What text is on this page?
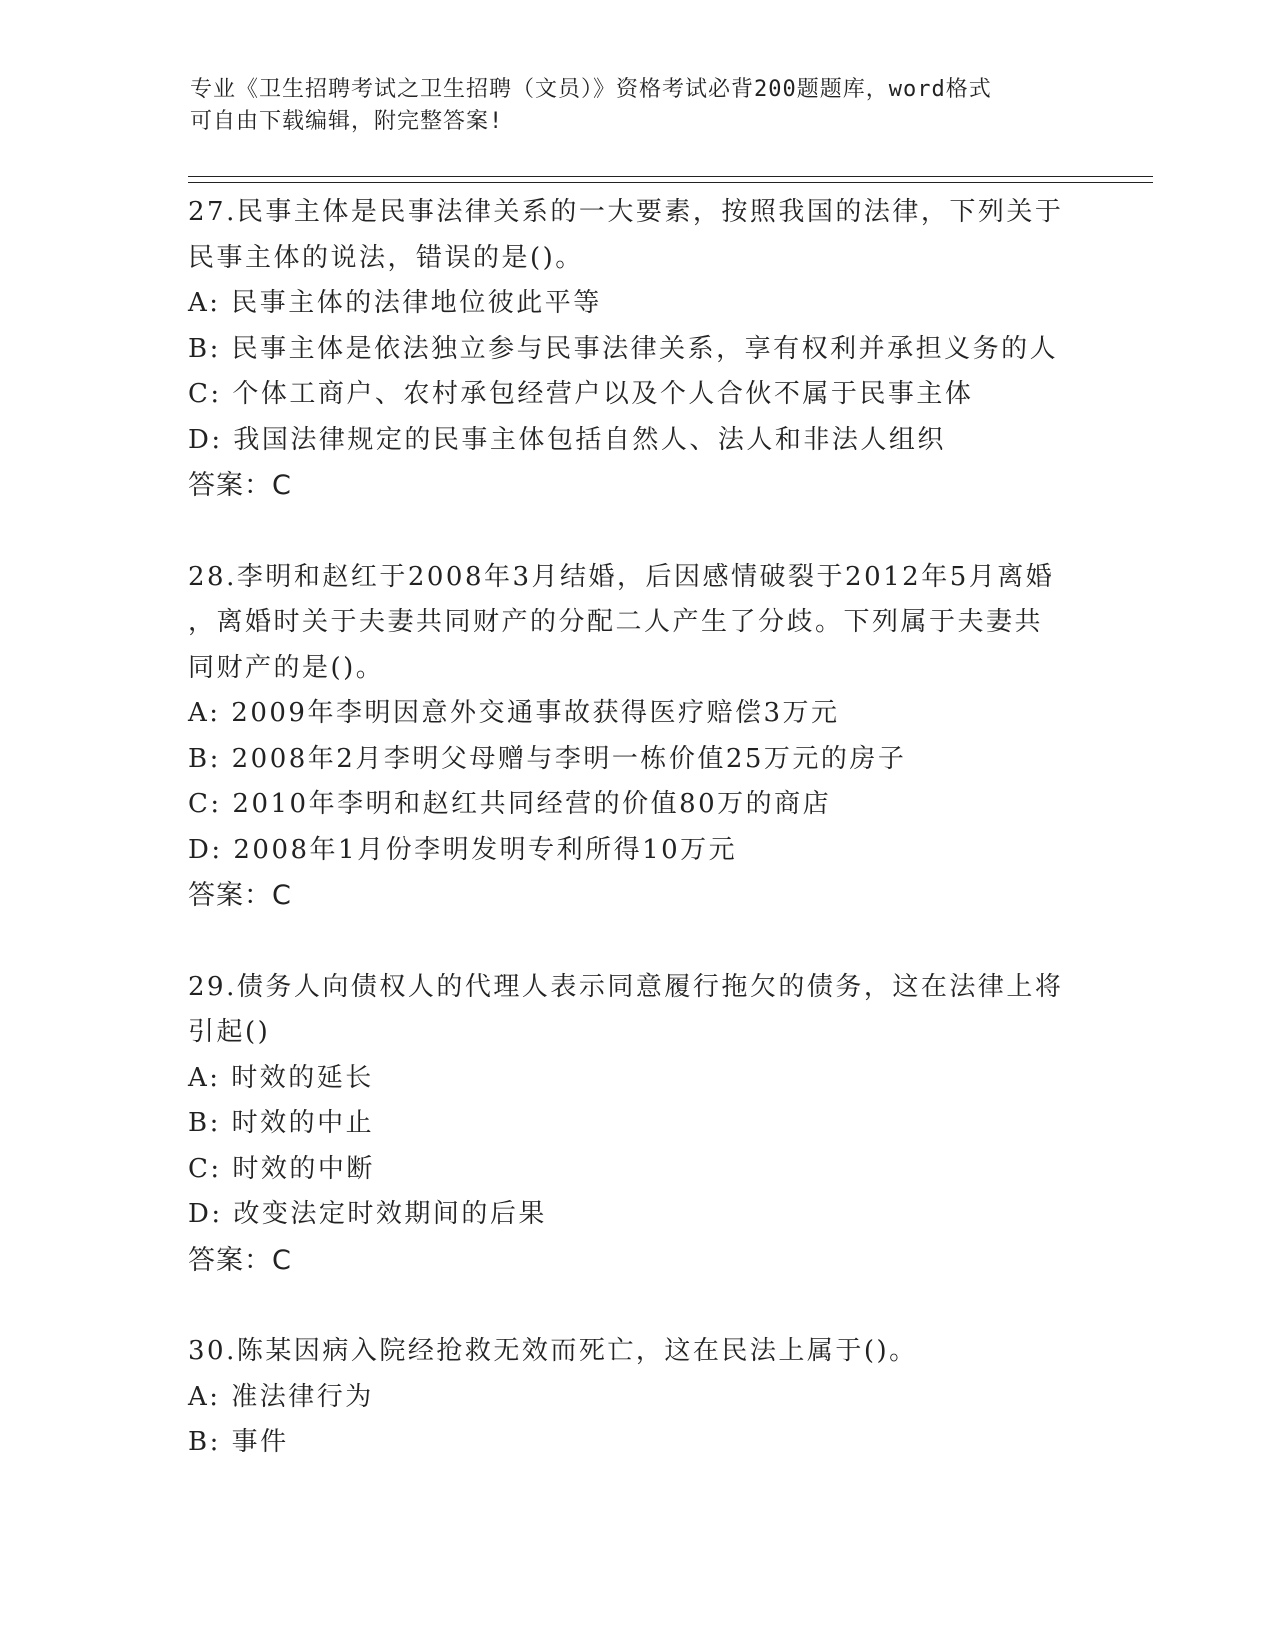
专业《卫生招聘考试之卫生招聘（文员）》资格考试必背200题题库，word格式
可自由下载编辑，附完整答案!
27.民事主体是民事法律关系的一大要素，按照我国的法律，下列关于
民事主体的说法，错误的是()。
A: 民事主体的法律地位彼此平等
B: 民事主体是依法独立参与民事法律关系，享有权利并承担义务的人
C: 个体工商户、农村承包经营户以及个人合伙不属于民事主体
D: 我国法律规定的民事主体包括自然人、法人和非法人组织
答案：C
28.李明和赵红于2008年3月结婚，后因感情破裂于2012年5月离婚
，离婚时关于夫妻共同财产的分配二人产生了分歧。下列属于夫妻共
同财产的是()。
A: 2009年李明因意外交通事故获得医疗赔偿3万元
B: 2008年2月李明父母赠与李明一栋价值25万元的房子
C: 2010年李明和赵红共同经营的价值80万的商店
D: 2008年1月份李明发明专利所得10万元
答案：C
29.债务人向债权人的代理人表示同意履行拖欠的债务，这在法律上将
引起()
A: 时效的延长
B: 时效的中止
C: 时效的中断
D: 改变法定时效期间的后果
答案：C
30.陈某因病入院经抢救无效而死亡，这在民法上属于()。
A: 准法律行为
B: 事件
